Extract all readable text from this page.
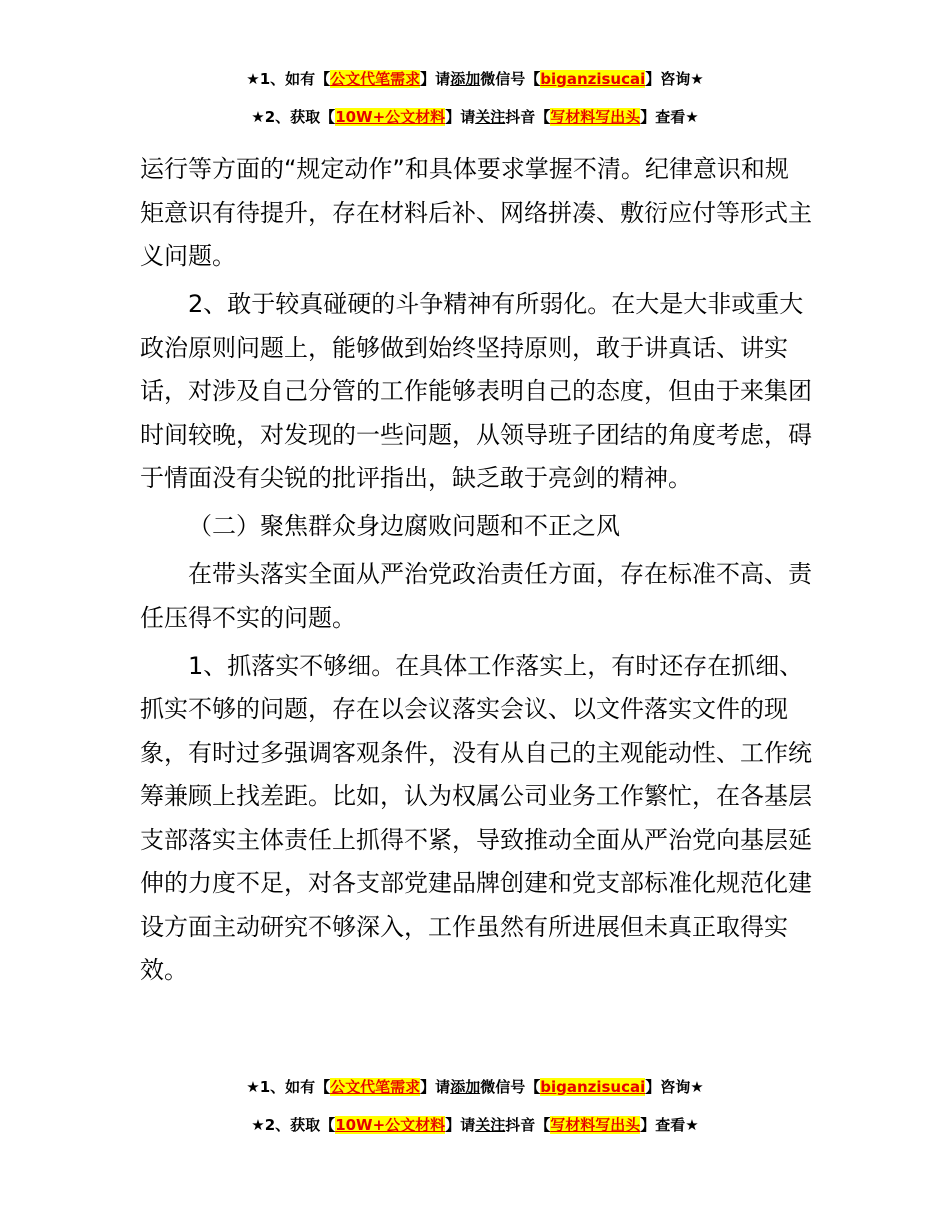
★1、如有【公文代笔需求】请添加微信号【biganzisucai】咨询★
★2、获取【10W+公文材料】请关注抖音【写材料写出头】查看★

运行等方面的“规定动作”和具体要求掌握不清。纪律意识和规矩意识有待提升，存在材料后补、网络拼凑、敷衍应付等形式主义问题。

2、敢于较真碰硬的斗争精神有所弱化。在大是大非或重大政治原则问题上，能够做到始终坚持原则，敢于讲真话、讲实话，对涉及自己分管的工作能够表明自己的态度，但由于来集团时间较晚，对发现的一些问题，从领导班子团结的角度考虑，碍于情面没有尖锐的批评指出，缺乏敢于亮剑的精神。

（二）聚焦群众身边腐败问题和不正之风

在带头落实全面从严治党政治责任方面，存在标准不高、责任压得不实的问题。

1、抓落实不够细。在具体工作落实上，有时还存在抓细、抓实不够的问题，存在以会议落实会议、以文件落实文件的现象，有时过多强调客观条件，没有从自己的主观能动性、工作统筹兼顾上找差距。比如，认为权属公司业务工作繁忙，在各基层支部落实主体责任上抓得不紧，导致推动全面从严治党向基层延伸的力度不足，对各支部党建品牌创建和党支部标准化规范化建设方面主动研究不够深入，工作虽然有所进展但未真正取得实效。

★1、如有【公文代笔需求】请添加微信号【biganzisucai】咨询★
★2、获取【10W+公文材料】请关注抖音【写材料写出头】查看★
